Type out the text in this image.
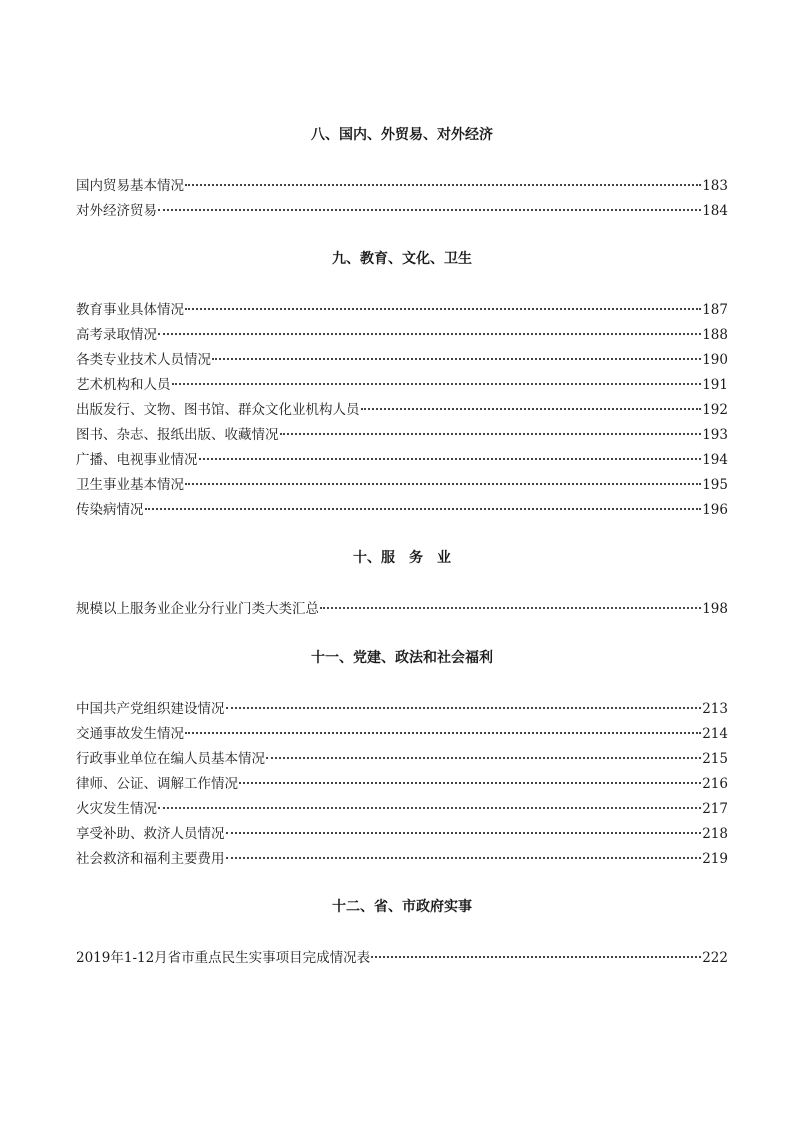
八、国内、外贸易、对外经济
国内贸易基本情况	183
对外经济贸易	184
九、教育、文化、卫生
教育事业具体情况	187
高考录取情况	188
各类专业技术人员情况	190
艺术机构和人员	191
出版发行、文物、图书馆、群众文化业机构人员	192
图书、杂志、报纸出版、收藏情况	193
广播、电视事业情况	194
卫生事业基本情况	195
传染病情况	196
十、服　务　业
规模以上服务业企业分行业门类大类汇总	198
十一、党建、政法和社会福利
中国共产党组织建设情况	213
交通事故发生情况	214
行政事业单位在编人员基本情况	215
律师、公证、调解工作情况	216
火灾发生情况	217
享受补助、救济人员情况	218
社会救济和福利主要费用	219
十二、省、市政府实事
2019年1-12月省市重点民生实事项目完成情况表	222
